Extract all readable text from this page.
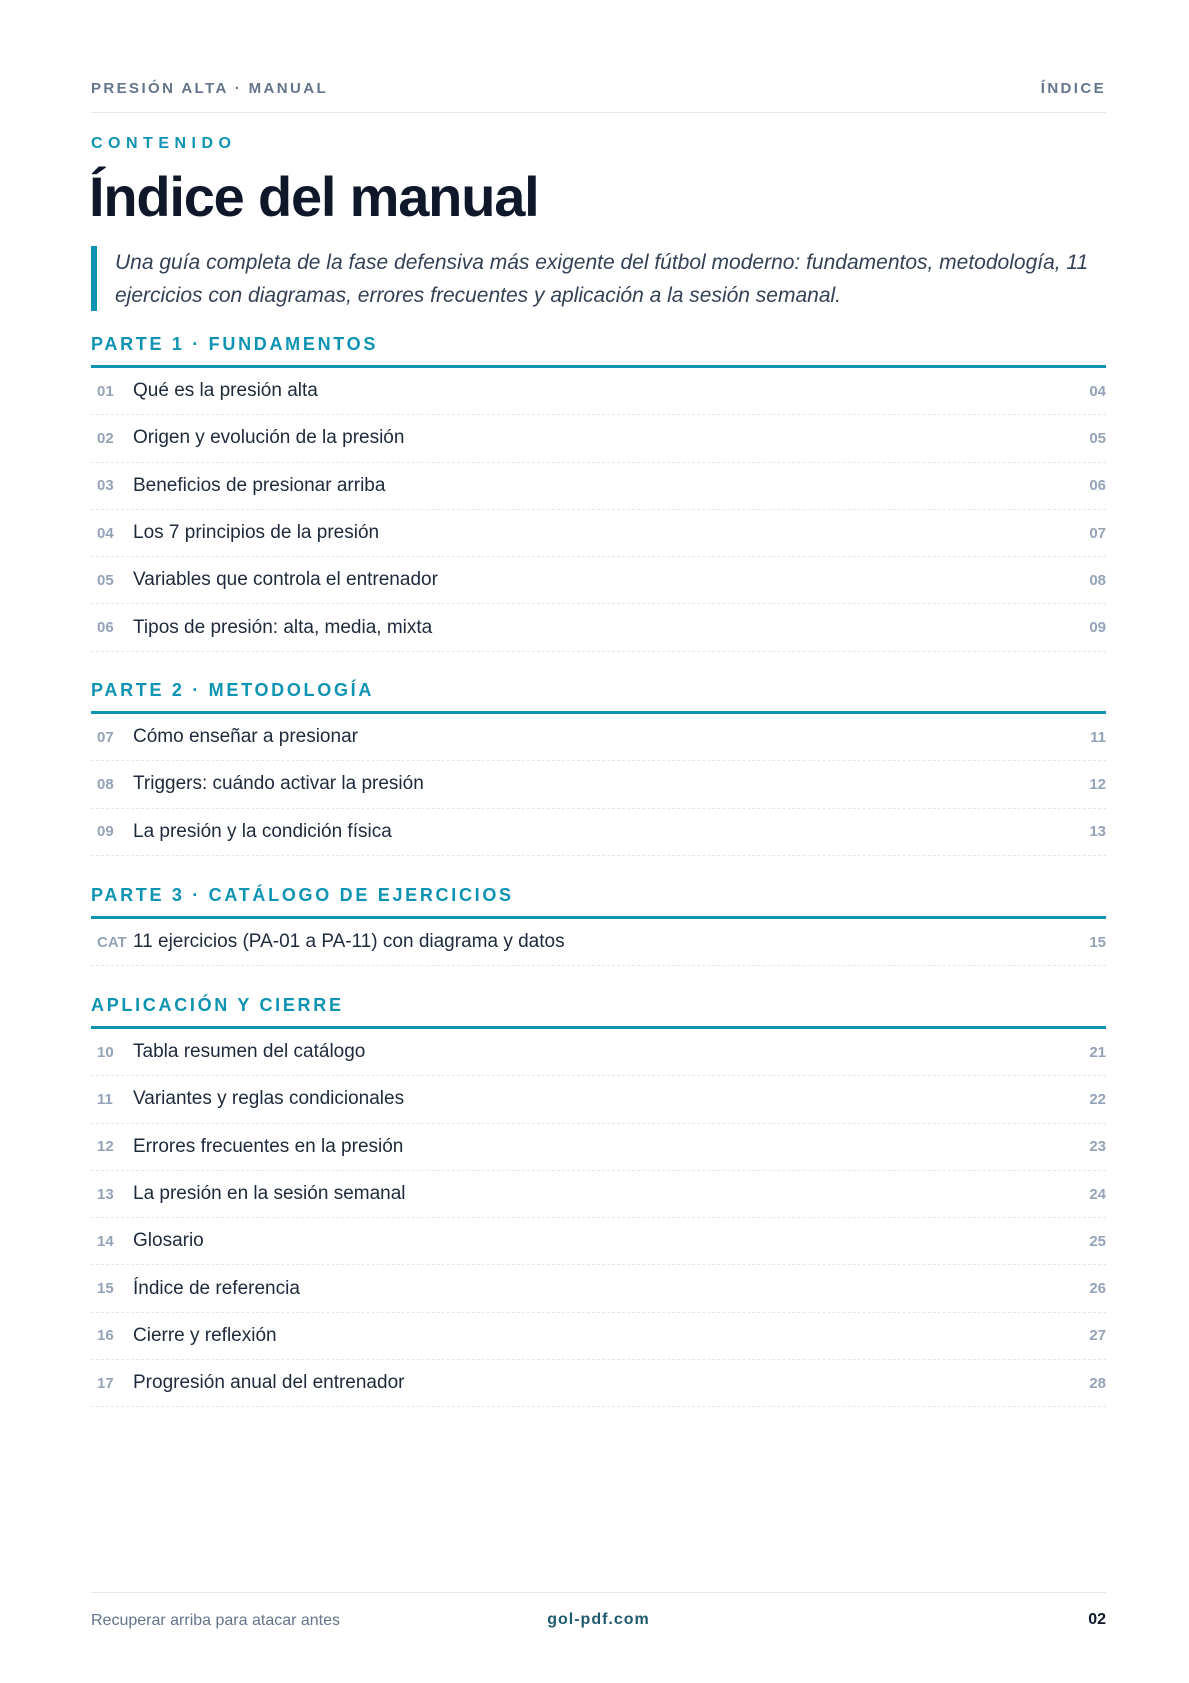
PRESIÓN ALTA · MANUAL	ÍNDICE
CONTENIDO
Índice del manual

Una guía completa de la fase defensiva más exigente del fútbol moderno: fundamentos, metodología, 11 ejercicios con diagramas, errores frecuentes y aplicación a la sesión semanal.

PARTE 1 · FUNDAMENTOS
01	Qué es la presión alta	04
02	Origen y evolución de la presión	05
03	Beneficios de presionar arriba	06
04	Los 7 principios de la presión	07
05	Variables que controla el entrenador	08
06	Tipos de presión: alta, media, mixta	09
PARTE 2 · METODOLOGÍA
07	Cómo enseñar a presionar	11
08	Triggers: cuándo activar la presión	12
09	La presión y la condición física	13
PARTE 3 · CATÁLOGO DE EJERCICIOS
CAT 11 ejercicios (PA-01 a PA-11) con diagrama y datos	15
APLICACIÓN Y CIERRE
10	Tabla resumen del catálogo	21
11	Variantes y reglas condicionales	22
12	Errores frecuentes en la presión	23
13	La presión en la sesión semanal	24
14	Glosario	25
15	Índice de referencia	26
16	Cierre y reflexión	27
17	Progresión anual del entrenador	28
Recuperar arriba para atacar antes	gol-pdf.com	02
